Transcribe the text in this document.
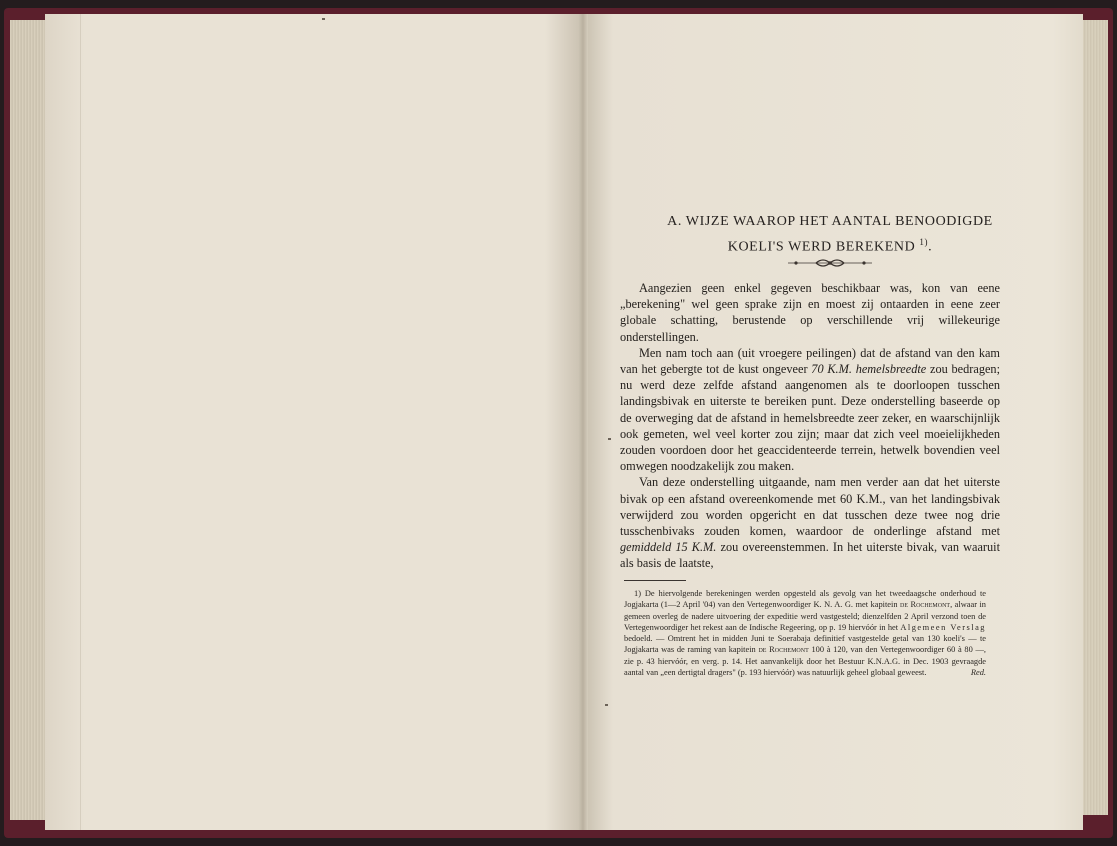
A. WIJZE WAAROP HET AANTAL BENOODIGDE
KOELI'S WERD BEREKEND $^{1)}$.

Aangezien geen enkel gegeven beschikbaar was, kon van eene „berekening" wel geen sprake zijn en moest zij ontaarden in eene zeer globale schatting, berustende op verschillende vrij willekeurige onderstellingen.

Men nam toch aan (uit vroegere peilingen) dat de afstand van den kam van het gebergte tot de kust ongeveer 70 K.M. hemelsbreedte zou bedragen; nu werd deze zelfde afstand aangenomen als te doorloopen tusschen landingsbivak en uiterste te bereiken punt. Deze onderstelling baseerde op de overweging dat de afstand in hemelsbreedte zeer zeker, en waarschijnlijk ook gemeten, wel veel korter zou zijn; maar dat zich veel moeielijkheden zouden voordoen door het geaccidenteerde terrein, hetwelk bovendien veel omwegen noodzakelijk zou maken.

Van deze onderstelling uitgaande, nam men verder aan dat het uiterste bivak op een afstand overeenkomende met 60 K.M., van het landingsbivak verwijderd zou worden opgericht en dat tusschen deze twee nog drie tusschenbivaks zouden komen, waardoor de onderlinge afstand met gemiddeld 15 K.M. zou overeenstemmen. In het uiterste bivak, van waaruit als basis de laatste,

1) De hiervolgende berekeningen werden opgesteld als gevolg van het tweedaagsche onderhoud te Jogjakarta (1—2 April '04) van den Vertegenwoordiger K. N. A. G. met kapitein de Rochemont, alwaar in gemeen overleg de nadere uitvoering der expeditie werd vastgesteld; dienzelfden 2 April verzond toen de Vertegenwoordiger het rekest aan de Indische Regeering, op p. 19 hiervóór in het Algemeen Verslag bedoeld. — Omtrent het in midden Juni te Soerabaja definitief vastgestelde getal van 130 koeli's — te Jogjakarta was de raming van kapitein de Rochemont 100 à 120, van den Vertegenwoordiger 60 à 80 —, zie p. 43 hiervóór, en verg. p. 14. Het aanvankelijk door het Bestuur K.N.A.G. in Dec. 1903 gevraagde aantal van „een dertigtal dragers" (p. 193 hiervóór) was natuurlijk geheel globaal geweest.	Red.
